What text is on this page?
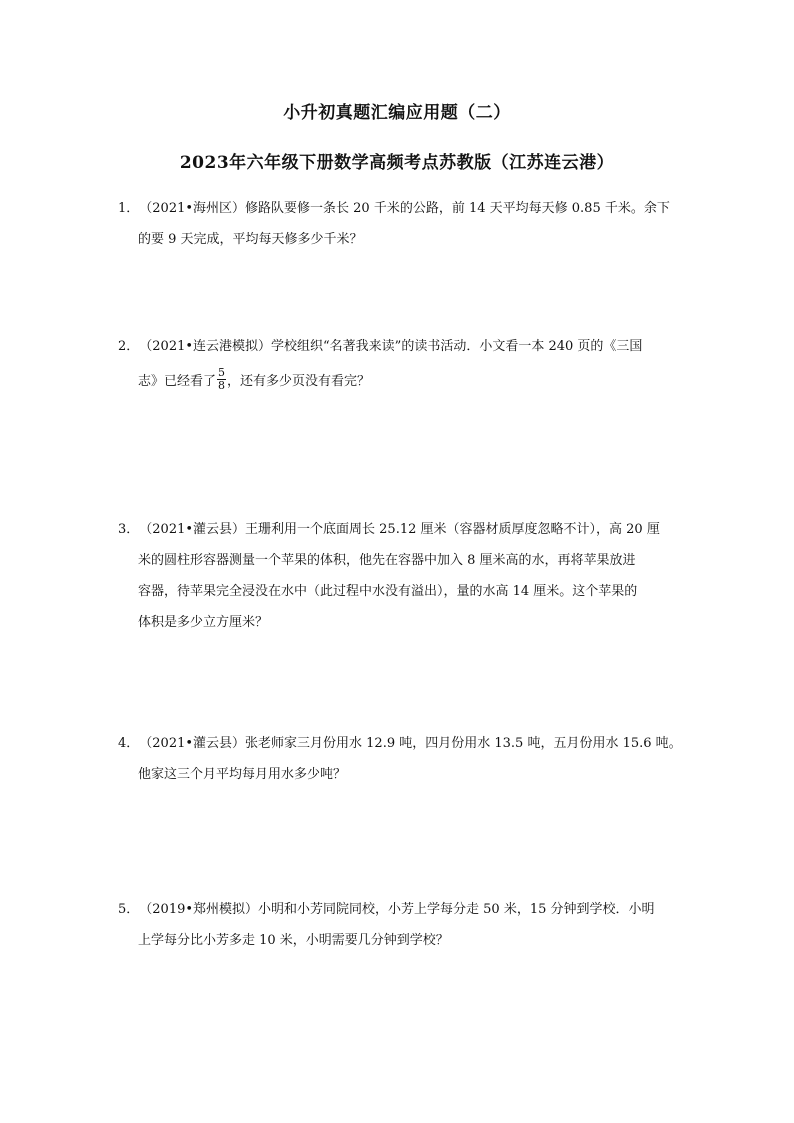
小升初真题汇编应用题（二）
2023年六年级下册数学高频考点苏教版（江苏连云港）
1．（2021•海州区）修路队要修一条长 20 千米的公路，前 14 天平均每天修 0.85 千米。余下
的要 9 天完成，平均每天修多少千米？
2．（2021•连云港模拟）学校组织“名著我来读”的读书活动．小文看一本 240 页的《三国
志》已经看了 $\frac{5}{8}$ ，还有多少页没有看完？
3．（2021•灌云县）王珊利用一个底面周长 25.12 厘米（容器材质厚度忽略不计），高 20 厘
米的圆柱形容器测量一个苹果的体积，他先在容器中加入 8 厘米高的水，再将苹果放进
容器，待苹果完全浸没在水中（此过程中水没有溢出），量的水高 14 厘米。这个苹果的
体积是多少立方厘米？
4．（2021•灌云县）张老师家三月份用水 12.9 吨，四月份用水 13.5 吨，五月份用水 15.6 吨。
他家这三个月平均每月用水多少吨？
5．（2019•郑州模拟）小明和小芳同院同校，小芳上学每分走 50 米，15 分钟到学校．小明
上学每分比小芳多走 10 米，小明需要几分钟到学校？
